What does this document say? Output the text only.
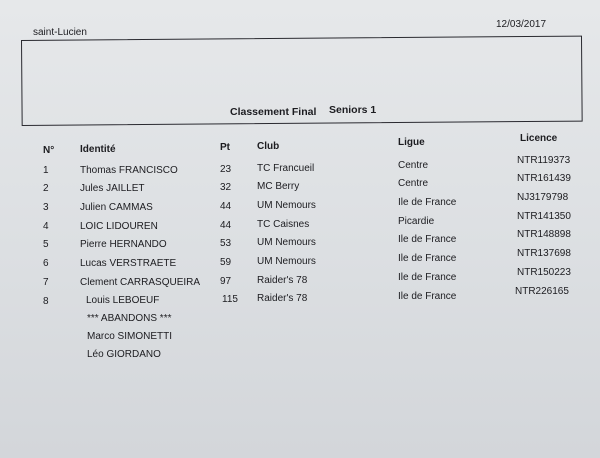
saint-Lucien
12/03/2017
Classement Final Seniors 1
N°	Identité	Pt	Club	Ligue	Licence
1	Thomas FRANCISCO	23	TC Francueil	Centre	NTR119373
2	Jules JAILLET	32	MC Berry	Centre	NTR161439
3	Julien CAMMAS	44	UM Nemours	Ile de France	NJ3179798
4	LOIC LIDOUREN	44	TC Caisnes	Picardie	NTR141350
5	Pierre HERNANDO	53	UM Nemours	Ile de France	NTR148898
6	Lucas VERSTRAETE	59	UM Nemours	Ile de France	NTR137698
7	Clement CARRASQUEIRA 97	Raider's 78	Ile de France	NTR150223
8	Louis LEBOEUF	115 Raider's 78	Ile de France	NTR226165
*** ABANDONS ***
Marco SIMONETTI
Léo GIORDANO
